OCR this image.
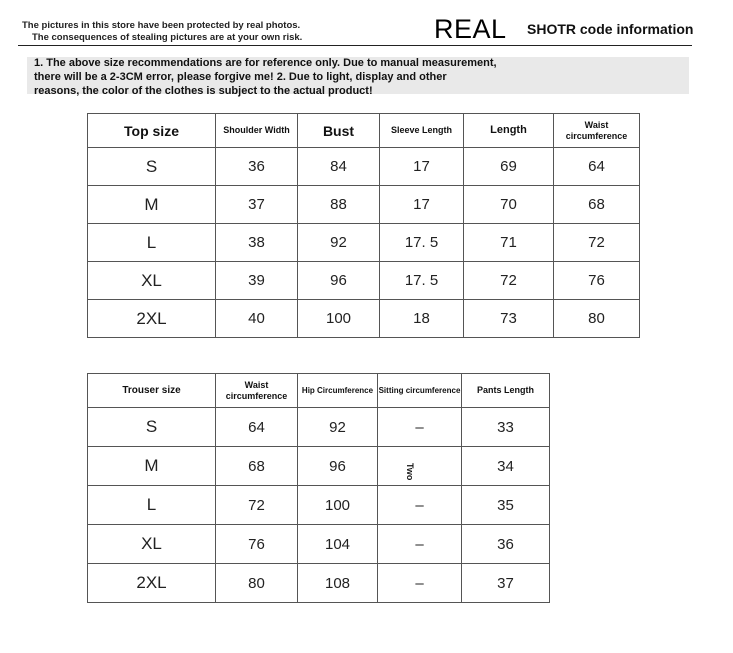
The pictures in this store have been protected by real photos.
The consequences of stealing pictures are at your own risk.	REAL SHOTR code information
1. The above size recommendations are for reference only. Due to manual measurement,
there will be a 2-3CM error, please forgive me! 2. Due to light, display and other
reasons, the color of the clothes is subject to the actual product!
Top size	Shoulder Width	Bust	Sleeve Length	Length	Waist circumference
S	36	84	17	69	64
M	37	88	17	70	68
L	38	92	17. 5	71	72
XL	39	96	17. 5	72	76
2XL	40	100	18	73	80
Trouser size	Waist circumference	Hip Circumference	Sitting circumference	Pants Length
S	64	92	–	33
M	68	96		34
L	72	100	–	35
XL	76	104	–	36
2XL	80	108	–	37
Two
